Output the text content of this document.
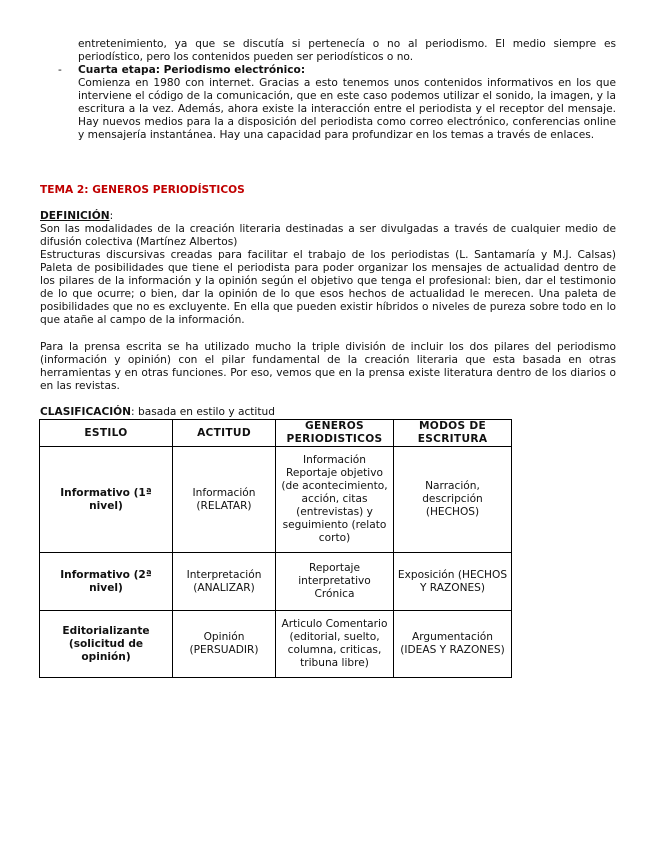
entretenimiento, ya que se discutía si pertenecía o no al periodismo. El medio siempre es periodístico, pero los contenidos pueden ser periodísticos o no.

-	Cuarta etapa: Periodismo electrónico:

Comienza en 1980 con internet. Gracias a esto tenemos unos contenidos informativos en los que interviene el código de la comunicación, que en este caso podemos utilizar el sonido, la imagen, y la escritura a la vez. Además, ahora existe la interacción entre el periodista y el receptor del mensaje. Hay nuevos medios para la a disposición del periodista como correo electrónico, conferencias online y mensajería instantánea. Hay una capacidad para profundizar en los temas a través de enlaces.

TEMA 2: GENEROS PERIODÍSTICOS

DEFINICIÓN:

Son las modalidades de la creación literaria destinadas a ser divulgadas a través de cualquier medio de difusión colectiva (Martínez Albertos)

Estructuras discursivas creadas para facilitar el trabajo de los periodistas (L. Santamaría y M.J. Calsas) Paleta de posibilidades que tiene el periodista para poder organizar los mensajes de actualidad dentro de los pilares de la información y la opinión según el objetivo que tenga el profesional: bien, dar el testimonio de lo que ocurre; o bien, dar la opinión de lo que esos hechos de actualidad le merecen. Una paleta de posibilidades que no es excluyente. En ella que pueden existir híbridos o niveles de pureza sobre todo en lo que atañe al campo de la información.

Para la prensa escrita se ha utilizado mucho la triple división de incluir los dos pilares del periodismo (información y opinión) con el pilar fundamental de la creación literaria que esta basada en otras herramientas y en otras funciones. Por eso, vemos que en la prensa existe literatura dentro de los diarios o en las revistas.

CLASIFICACIÓN: basada en estilo y actitud

ESTILO	ACTITUD	GENEROS PERIODISTICOS	MODOS DE ESCRITURA
Informativo (1ª nivel)	Información (RELATAR)	Información Reportaje objetivo (de acontecimiento, acción, citas (entrevistas) y seguimiento (relato corto)	Narración, descripción (HECHOS)
Informativo (2ª nivel)	Interpretación (ANALIZAR)	Reportaje interpretativo Crónica	Exposición (HECHOS Y RAZONES)
Editorializante (solicitud de opinión)	Opinión (PERSUADIR)	Articulo Comentario (editorial, suelto, columna, criticas, tribuna libre)	Argumentación (IDEAS Y RAZONES)
